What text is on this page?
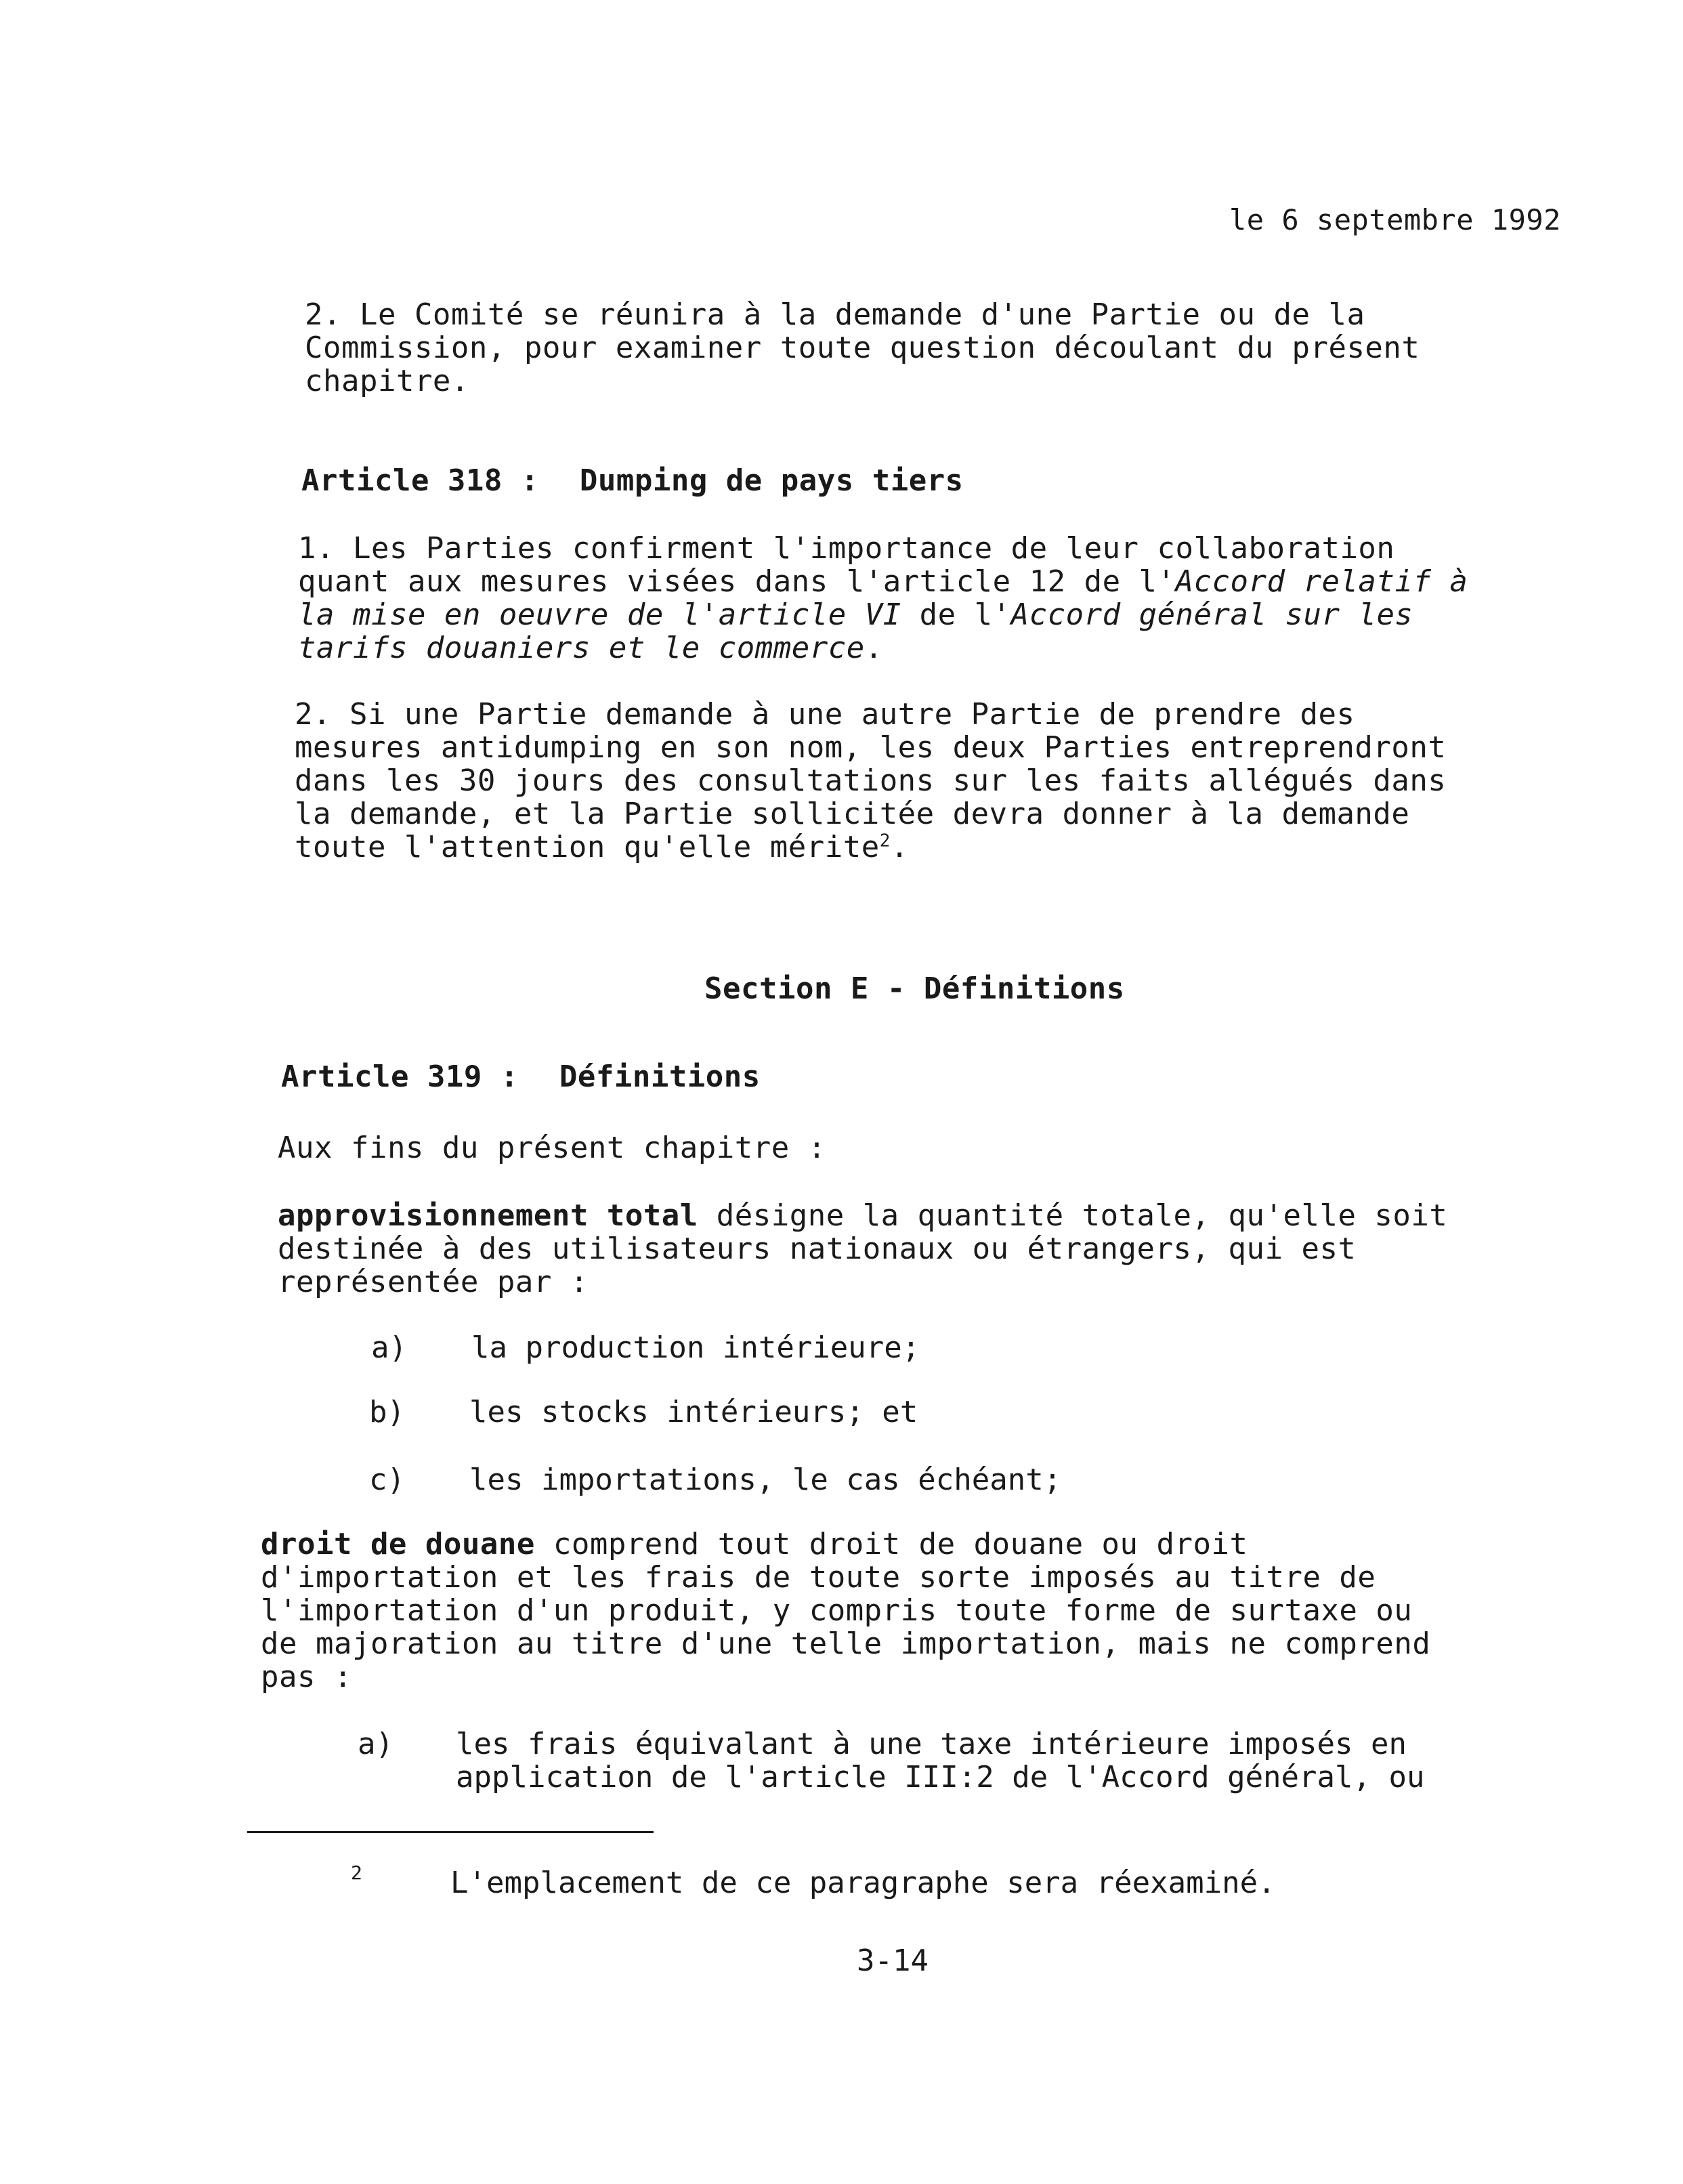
le 6 septembre 1992
2. Le Comité se réunira à la demande d'une Partie ou de la
Commission, pour examiner toute question découlant du présent
chapitre.
Article 318 : Dumping de pays tiers
1. Les Parties confirment l'importance de leur collaboration
quant aux mesures visées dans l'article 12 de l'Accord relatif à
la mise en oeuvre de l'article VI de l'Accord général sur les
tarifs douaniers et le commerce.
2. Si une Partie demande à une autre Partie de prendre des
mesures antidumping en son nom, les deux Parties entreprendront
dans les 30 jours des consultations sur les faits allégués dans
la demande, et la Partie sollicitée devra donner à la demande
toute l'attention qu'elle mérite$^2$.
Section E - Définitions
Article 319 : Définitions
Aux fins du présent chapitre :
approvisionnement total désigne la quantité totale, qu'elle soit
destinée à des utilisateurs nationaux ou étrangers, qui est
représentée par :
a) la production intérieure;
b) les stocks intérieurs; et
c) les importations, le cas échéant;
droit de douane comprend tout droit de douane ou droit
d'importation et les frais de toute sorte imposés au titre de
l'importation d'un produit, y compris toute forme de surtaxe ou
de majoration au titre d'une telle importation, mais ne comprend
pas :
a) les frais équivalant à une taxe intérieure imposés en
application de l'article III:2 de l'Accord général, ou
2	L'emplacement de ce paragraphe sera réexaminé.
3-14
